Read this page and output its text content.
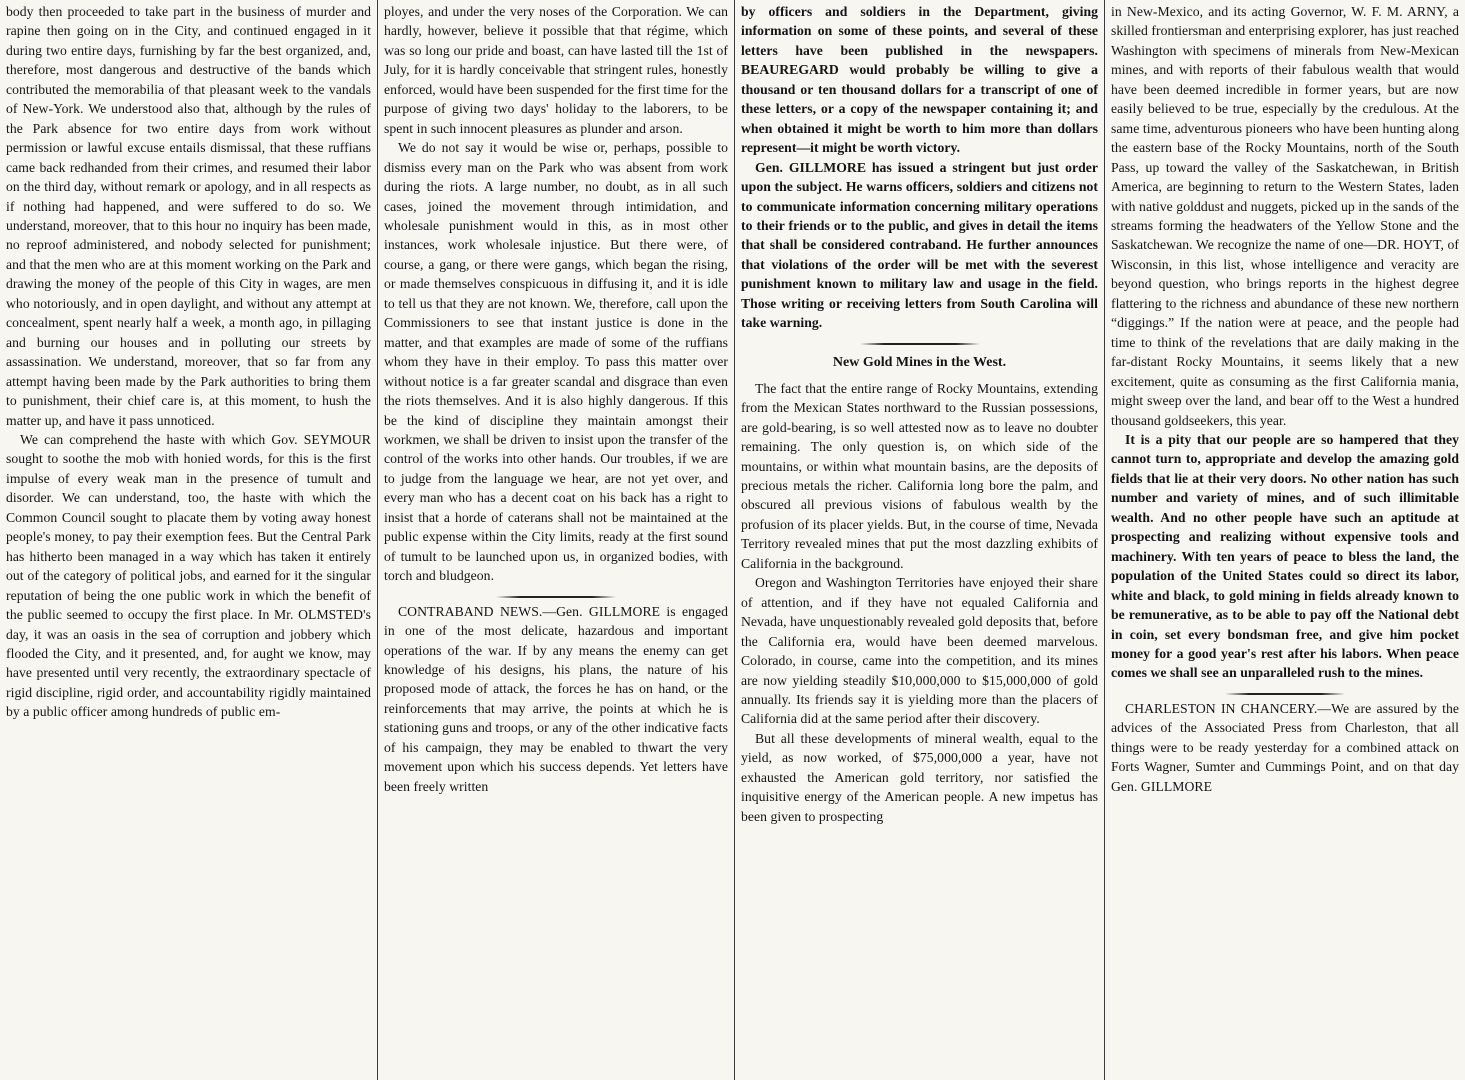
body then proceeded to take part in the business of murder and rapine then going on in the City, and continued engaged in it during two entire days, furnishing by far the best organized, and, therefore, most dangerous and destructive of the bands which contributed the memorabilia of that pleasant week to the vandals of New-York. We understood also that, although by the rules of the Park absence for two entire days from work without permission or lawful excuse entails dismissal, that these ruffians came back redhanded from their crimes, and resumed their labor on the third day, without remark or apology, and in all respects as if nothing had happened, and were suffered to do so. We understand, moreover, that to this hour no inquiry has been made, no reproof administered, and nobody selected for punishment; and that the men who are at this moment working on the Park and drawing the money of the people of this City in wages, are men who notoriously, and in open daylight, and without any attempt at concealment, spent nearly half a week, a month ago, in pillaging and burning our houses and in polluting our streets by assassination. We understand, moreover, that so far from any attempt having been made by the Park authorities to bring them to punishment, their chief care is, at this moment, to hush the matter up, and have it pass unnoticed.

We can comprehend the haste with which Gov. SEYMOUR sought to soothe the mob with honied words, for this is the first impulse of every weak man in the presence of tumult and disorder. We can understand, too, the haste with which the Common Council sought to placate them by voting away honest people's money, to pay their exemption fees. But the Central Park has hitherto been managed in a way which has taken it entirely out of the category of political jobs, and earned for it the singular reputation of being the one public work in which the benefit of the public seemed to occupy the first place. In Mr. OLMSTED's day, it was an oasis in the sea of corruption and jobbery which flooded the City, and it presented, and, for aught we know, may have presented until very recently, the extraordinary spectacle of rigid discipline, rigid order, and accountability rigidly maintained by a public officer among hundreds of public em-

ployes, and under the very noses of the Corporation. We can hardly, however, believe it possible that that régime, which was so long our pride and boast, can have lasted till the 1st of July, for it is hardly conceivable that stringent rules, honestly enforced, would have been suspended for the first time for the purpose of giving two days' holiday to the laborers, to be spent in such innocent pleasures as plunder and arson.

We do not say it would be wise or, perhaps, possible to dismiss every man on the Park who was absent from work during the riots. A large number, no doubt, as in all such cases, joined the movement through intimidation, and wholesale punishment would in this, as in most other instances, work wholesale injustice. But there were, of course, a gang, or there were gangs, which began the rising, or made themselves conspicuous in diffusing it, and it is idle to tell us that they are not known. We, therefore, call upon the Commissioners to see that instant justice is done in the matter, and that examples are made of some of the ruffians whom they have in their employ. To pass this matter over without notice is a far greater scandal and disgrace than even the riots themselves. And it is also highly dangerous. If this be the kind of discipline they maintain amongst their workmen, we shall be driven to insist upon the transfer of the control of the works into other hands. Our troubles, if we are to judge from the language we hear, are not yet over, and every man who has a decent coat on his back has a right to insist that a horde of caterans shall not be maintained at the public expense within the City limits, ready at the first sound of tumult to be launched upon us, in organized bodies, with torch and bludgeon.

CONTRABAND NEWS.—Gen. GILLMORE is engaged in one of the most delicate, hazardous and important operations of the war. If by any means the enemy can get knowledge of his designs, his plans, the nature of his proposed mode of attack, the forces he has on hand, or the reinforcements that may arrive, the points at which he is stationing guns and troops, or any of the other indicative facts of his campaign, they may be enabled to thwart the very movement upon which his success depends. Yet letters have been freely written

by officers and soldiers in the Department, giving information on some of these points, and several of these letters have been published in the newspapers. BEAUREGARD would probably be willing to give a thousand or ten thousand dollars for a transcript of one of these letters, or a copy of the newspaper containing it; and when obtained it might be worth to him more than dollars represent—it might be worth victory.

Gen. GILLMORE has issued a stringent but just order upon the subject. He warns officers, soldiers and citizens not to communicate information concerning military operations to their friends or to the public, and gives in detail the items that shall be considered contraband. He further announces that violations of the order will be met with the severest punishment known to military law and usage in the field. Those writing or receiving letters from South Carolina will take warning.

New Gold Mines in the West.

The fact that the entire range of Rocky Mountains, extending from the Mexican States northward to the Russian possessions, are gold-bearing, is so well attested now as to leave no doubter remaining. The only question is, on which side of the mountains, or within what mountain basins, are the deposits of precious metals the richer. California long bore the palm, and obscured all previous visions of fabulous wealth by the profusion of its placer yields. But, in the course of time, Nevada Territory revealed mines that put the most dazzling exhibits of California in the background.

Oregon and Washington Territories have enjoyed their share of attention, and if they have not equaled California and Nevada, have unquestionably revealed gold deposits that, before the California era, would have been deemed marvelous. Colorado, in course, came into the competition, and its mines are now yielding steadily $10,000,000 to $15,000,000 of gold annually. Its friends say it is yielding more than the placers of California did at the same period after their discovery.

But all these developments of mineral wealth, equal to the yield, as now worked, of $75,000,000 a year, have not exhausted the American gold territory, nor satisfied the inquisitive energy of the American people. A new impetus has been given to prospecting

in New-Mexico, and its acting Governor, W. F. M. ARNY, a skilled frontiersman and enterprising explorer, has just reached Washington with specimens of minerals from New-Mexican mines, and with reports of their fabulous wealth that would have been deemed incredible in former years, but are now easily believed to be true, especially by the credulous. At the same time, adventurous pioneers who have been hunting along the eastern base of the Rocky Mountains, north of the South Pass, up toward the valley of the Saskatchewan, in British America, are beginning to return to the Western States, laden with native golddust and nuggets, picked up in the sands of the streams forming the headwaters of the Yellow Stone and the Saskatchewan. We recognize the name of one—DR. HOYT, of Wisconsin, in this list, whose intelligence and veracity are beyond question, who brings reports in the highest degree flattering to the richness and abundance of these new northern “diggings.” If the nation were at peace, and the people had time to think of the revelations that are daily making in the far-distant Rocky Mountains, it seems likely that a new excitement, quite as consuming as the first California mania, might sweep over the land, and bear off to the West a hundred thousand goldseekers, this year.

It is a pity that our people are so hampered that they cannot turn to, appropriate and develop the amazing gold fields that lie at their very doors. No other nation has such number and variety of mines, and of such illimitable wealth. And no other people have such an aptitude at prospecting and realizing without expensive tools and machinery. With ten years of peace to bless the land, the population of the United States could so direct its labor, white and black, to gold mining in fields already known to be remunerative, as to be able to pay off the National debt in coin, set every bondsman free, and give him pocket money for a good year's rest after his labors. When peace comes we shall see an unparalleled rush to the mines.

CHARLESTON IN CHANCERY.—We are assured by the advices of the Associated Press from Charleston, that all things were to be ready yesterday for a combined attack on Forts Wagner, Sumter and Cummings Point, and on that day Gen. GILLMORE
